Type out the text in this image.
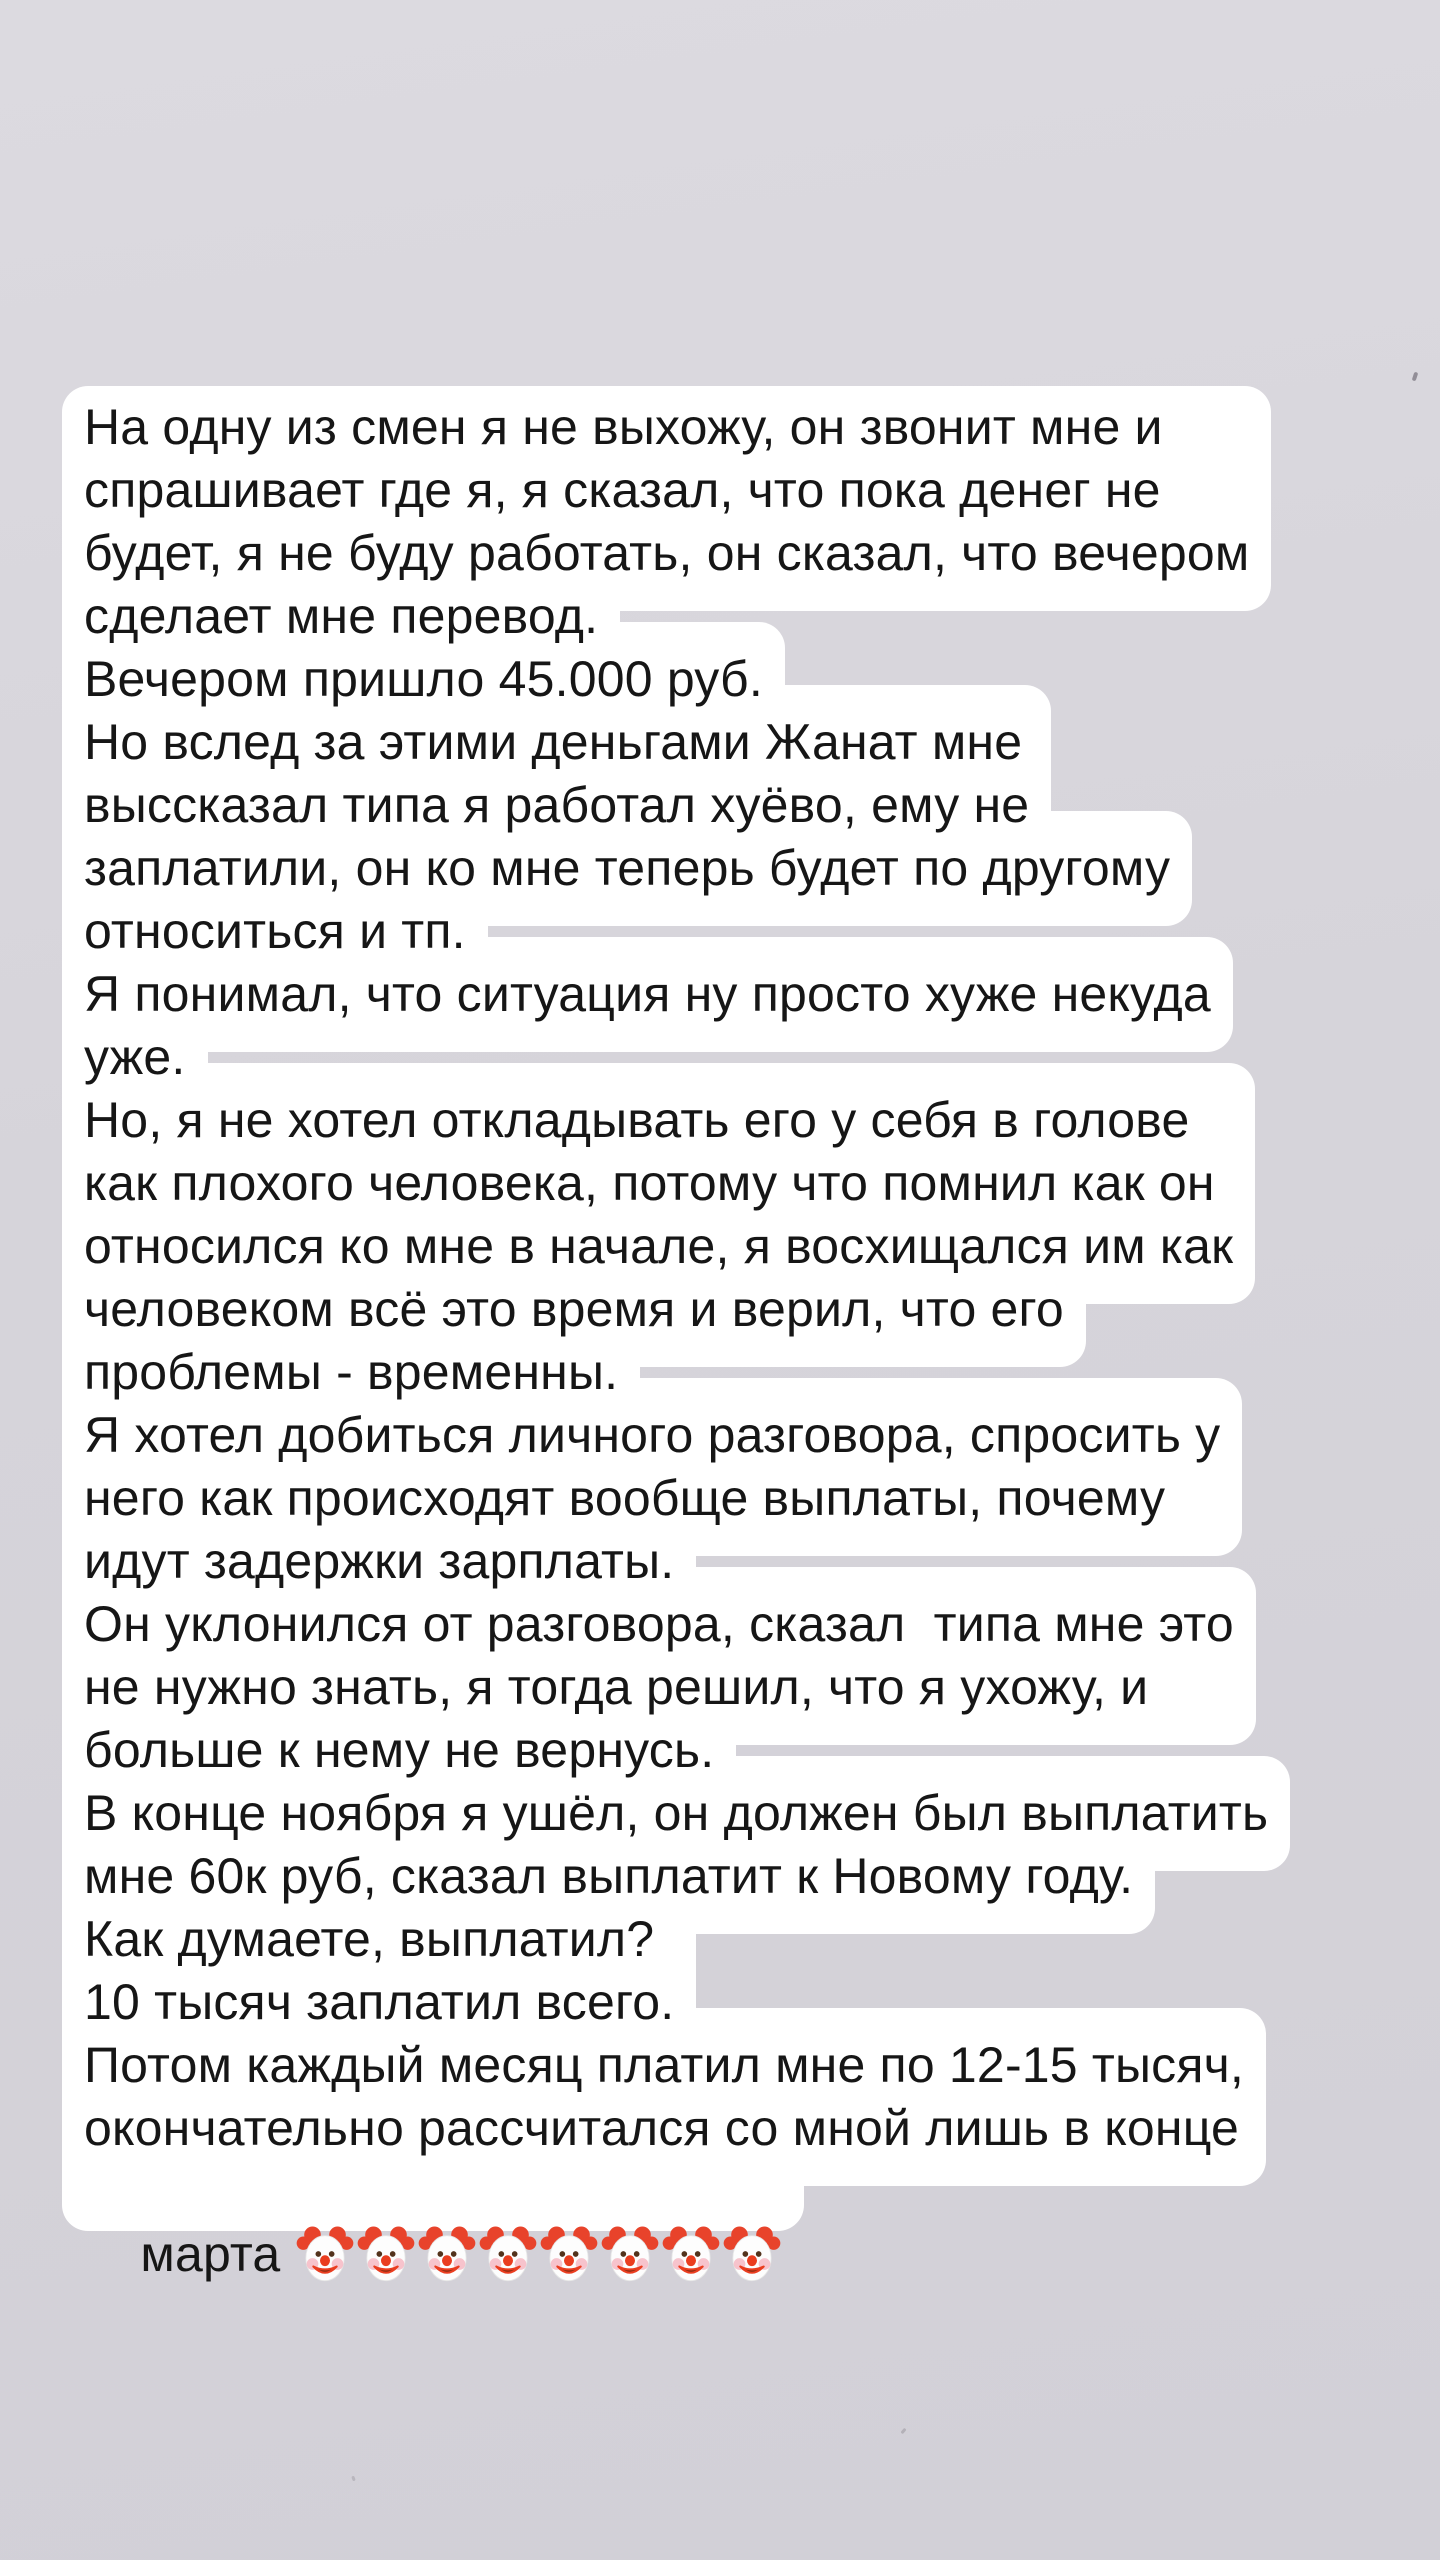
На одну из смен я не выхожу, он звонит мне и
спрашивает где я, я сказал, что пока денег не
будет, я не буду работать, он сказал, что вечером
сделает мне перевод.
Вечером пришло 45.000 руб.
Но вслед за этими деньгами Жанат мне
выссказал типа я работал хуёво, ему не
заплатили, он ко мне теперь будет по другому
относиться и тп.
Я понимал, что ситуация ну просто хуже некуда
уже.
Но, я не хотел откладывать его у себя в голове
как плохого человека, потому что помнил как он
относился ко мне в начале, я восхищался им как
человеком всё это время и верил, что его
проблемы - временны.
Я хотел добиться личного разговора, спросить у
него как происходят вообще выплаты, почему
идут задержки зарплаты.
Он уклонился от разговора, сказал  типа мне это
не нужно знать, я тогда решил, что я ухожу, и
больше к нему не вернусь.
В конце ноября я ушёл, он должен был выплатить
мне 60к руб, сказал выплатит к Новому году.
Как думаете, выплатил?
10 тысяч заплатил всего.
Потом каждый месяц платил мне по 12-15 тысяч,
окончательно рассчитался со мной лишь в конце

марта
